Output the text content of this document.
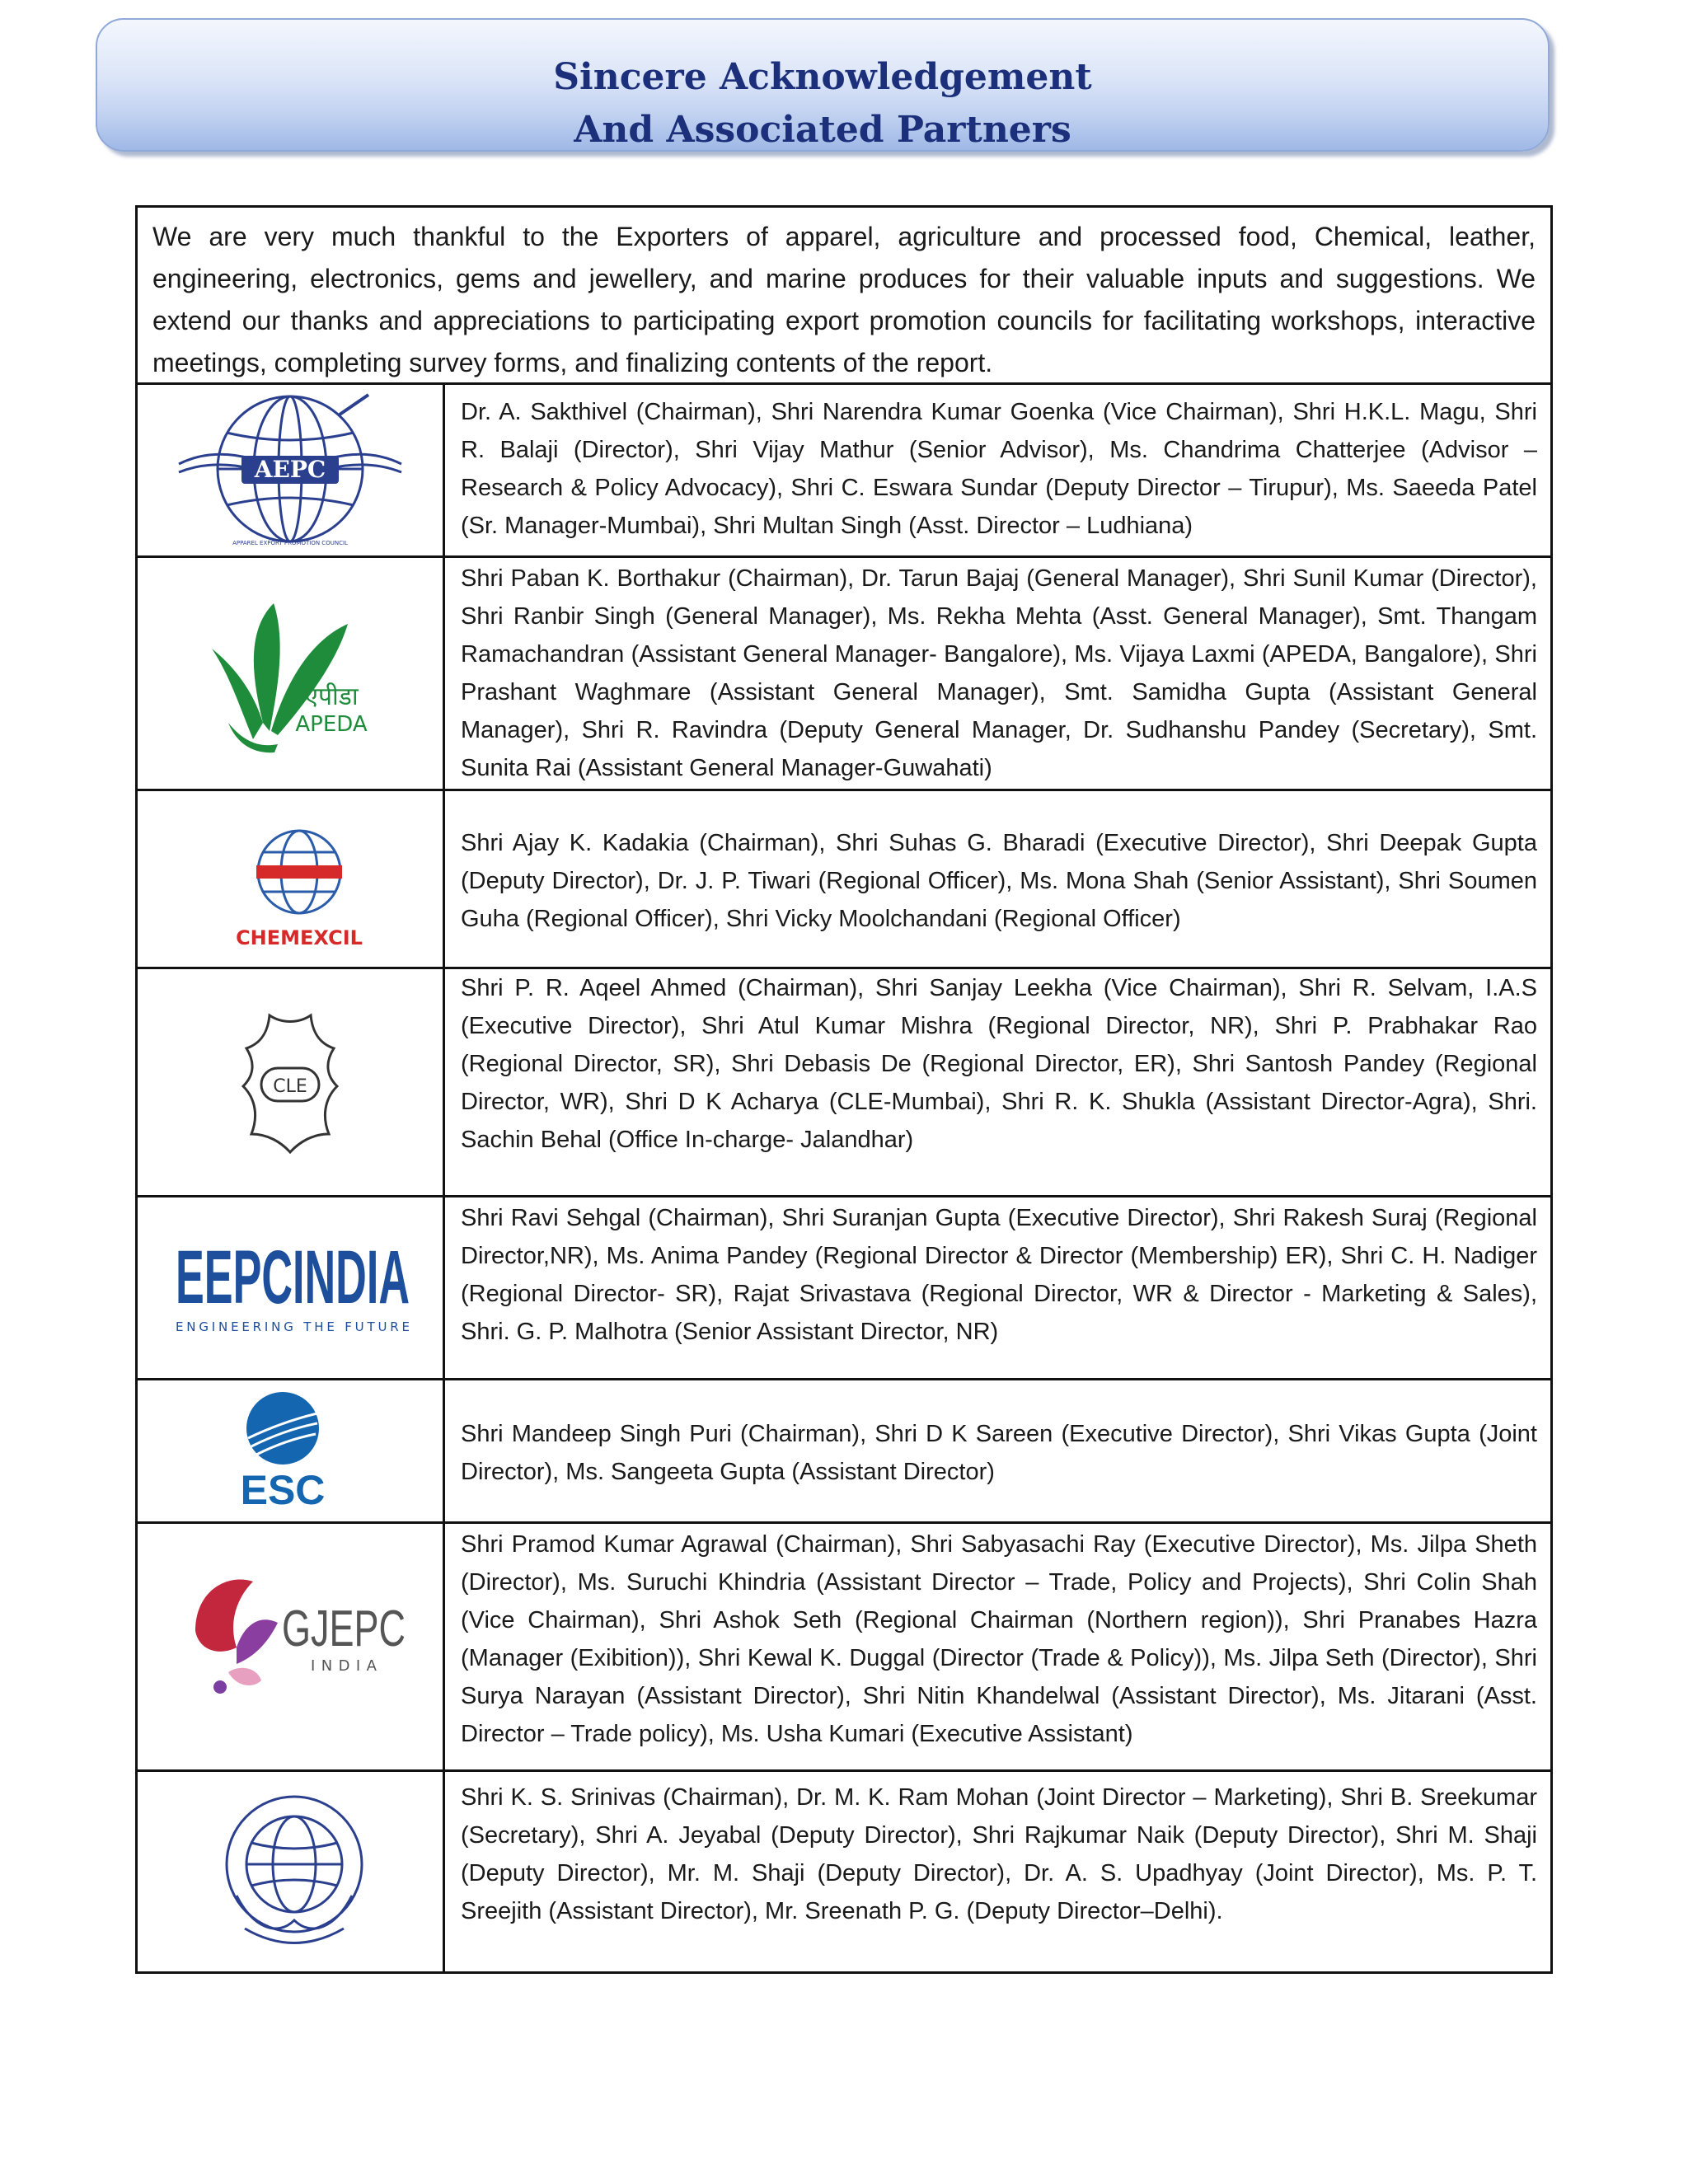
Sincere Acknowledgement
And Associated Partners
We are very much thankful to the Exporters of apparel, agriculture and processed food, Chemical, leather, engineering, electronics, gems and jewellery, and marine produces for their valuable inputs and suggestions. We extend our thanks and appreciations to participating export promotion councils for facilitating workshops, interactive meetings, completing survey forms, and finalizing contents of the report.
AEPC
APPAREL EXPORT PROMOTION COUNCIL
Dr. A. Sakthivel (Chairman), Shri Narendra Kumar Goenka (Vice Chairman), Shri H.K.L. Magu, Shri R. Balaji (Director), Shri Vijay Mathur (Senior Advisor), Ms. Chandrima Chatterjee (Advisor – Research & Policy Advocacy), Shri C. Eswara Sundar (Deputy Director – Tirupur), Ms. Saeeda Patel (Sr. Manager-Mumbai), Shri Multan Singh (Asst. Director – Ludhiana)
एपीडा
APEDA
Shri Paban K. Borthakur (Chairman), Dr. Tarun Bajaj (General Manager), Shri Sunil Kumar (Director), Shri Ranbir Singh (General Manager), Ms. Rekha Mehta (Asst. General Manager), Smt. Thangam Ramachandran (Assistant General Manager- Bangalore), Ms. Vijaya Laxmi (APEDA, Bangalore), Shri Prashant Waghmare (Assistant General Manager), Smt. Samidha Gupta (Assistant General Manager), Shri R. Ravindra (Deputy General Manager, Dr. Sudhanshu Pandey (Secretary), Smt. Sunita Rai (Assistant General Manager-Guwahati)
CHEMEXCIL
Shri Ajay K. Kadakia (Chairman), Shri Suhas G. Bharadi (Executive Director), Shri Deepak Gupta (Deputy Director), Dr. J. P. Tiwari (Regional Officer), Ms. Mona Shah (Senior Assistant), Shri Soumen Guha (Regional Officer), Shri Vicky Moolchandani (Regional Officer)
CLE
Shri P. R. Aqeel Ahmed (Chairman), Shri Sanjay Leekha (Vice Chairman), Shri R. Selvam, I.A.S (Executive Director), Shri Atul Kumar Mishra (Regional Director, NR), Shri P. Prabhakar Rao (Regional Director, SR), Shri Debasis De (Regional Director, ER), Shri Santosh Pandey (Regional Director, WR), Shri D K Acharya (CLE-Mumbai), Shri R. K. Shukla (Assistant Director-Agra), Shri. Sachin Behal (Office In-charge- Jalandhar)
EEPCINDIA
ENGINEERING THE FUTURE
Shri Ravi Sehgal (Chairman), Shri Suranjan Gupta (Executive Director), Shri Rakesh Suraj (Regional Director,NR), Ms. Anima Pandey (Regional Director & Director (Membership) ER), Shri C. H. Nadiger (Regional Director- SR), Rajat Srivastava (Regional Director, WR & Director - Marketing & Sales), Shri. G. P. Malhotra (Senior Assistant Director, NR)
ESC
Shri Mandeep Singh Puri (Chairman), Shri D K Sareen (Executive Director), Shri Vikas Gupta (Joint Director), Ms. Sangeeta Gupta (Assistant Director)
GJEPC
INDIA
Shri Pramod Kumar Agrawal (Chairman), Shri Sabyasachi Ray (Executive Director), Ms. Jilpa Sheth (Director), Ms. Suruchi Khindria (Assistant Director – Trade, Policy and Projects), Shri Colin Shah (Vice Chairman), Shri Ashok Seth (Regional Chairman (Northern region)), Shri Pranabes Hazra (Manager (Exibition)), Shri Kewal K. Duggal (Director (Trade & Policy)), Ms. Jilpa Seth (Director), Shri Surya Narayan (Assistant Director), Shri Nitin Khandelwal (Assistant Director), Ms. Jitarani (Asst. Director – Trade policy), Ms. Usha Kumari (Executive Assistant)
Shri K. S. Srinivas (Chairman), Dr. M. K. Ram Mohan (Joint Director – Marketing), Shri B. Sreekumar (Secretary), Shri A. Jeyabal (Deputy Director), Shri Rajkumar Naik (Deputy Director), Shri M. Shaji (Deputy Director), Mr. M. Shaji (Deputy Director), Dr. A. S. Upadhyay (Joint Director), Ms. P. T. Sreejith (Assistant Director), Mr. Sreenath P. G. (Deputy Director–Delhi).
